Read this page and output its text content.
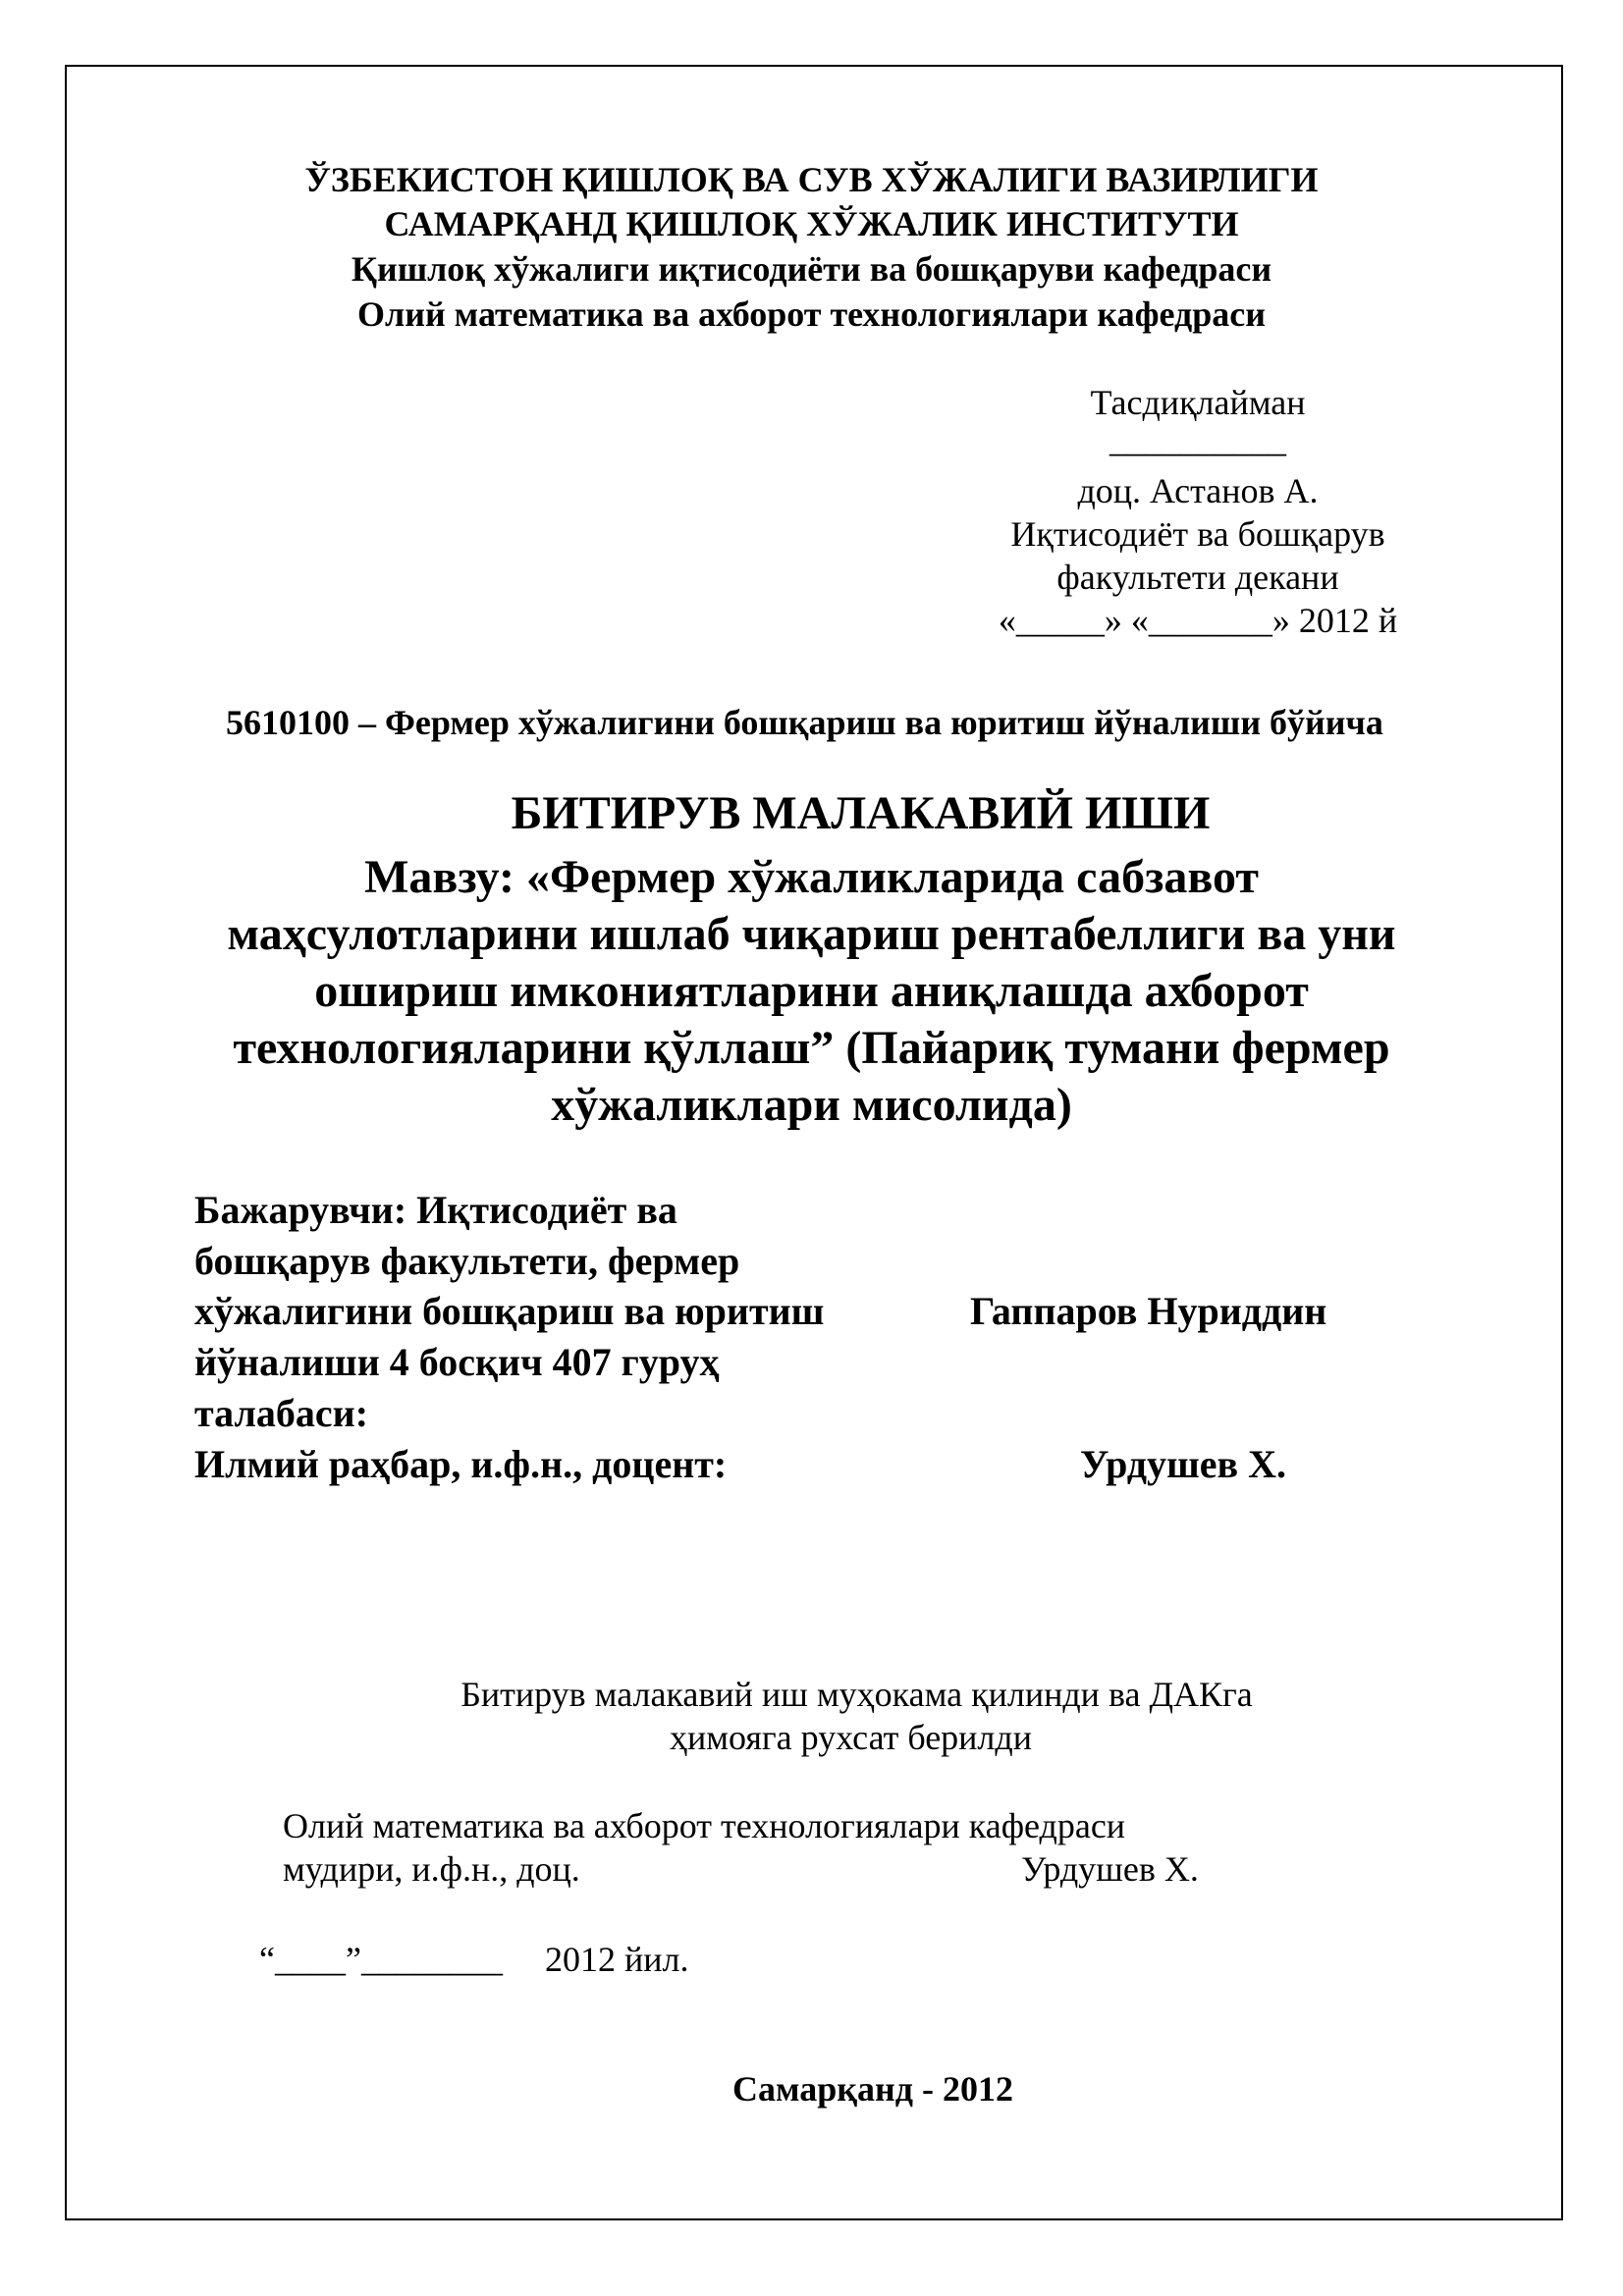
ЎЗБЕКИСТОН ҚИШЛОҚ ВА СУВ ХЎЖАЛИГИ ВАЗИРЛИГИ
САМАРҚАНД ҚИШЛОҚ ХЎЖАЛИК ИНСТИТУТИ
Қишлоқ хўжалиги иқтисодиёти ва бошқаруви кафедраси
Олий математика ва ахборот технологиялари кафедраси
Тасдиқлайман
__________
доц. Астанов А.
Иқтисодиёт ва бошқарув
факультети декани
«_____» «_______» 2012 й
5610100 – Фермер хўжалигини бошқариш ва юритиш йўналиши бўйича
БИТИРУВ МАЛАКАВИЙ ИШИ
Мавзу: «Фермер хўжаликларида сабзавот
маҳсулотларини ишлаб чиқариш рентабеллиги ва уни
ошириш имкониятларини аниқлашда ахборот
технологияларини қўллаш” (Пайариқ тумани фермер
хўжаликлари мисолида)
Бажарувчи: Иқтисодиёт ва
бошқарув факультети, фермер
хўжалигини бошқариш ва юритиш
йўналиши 4 босқич 407 гуруҳ
талабаси:
Гаппаров Нуриддин
Илмий раҳбар, и.ф.н., доцент:	Урдушев Х.
Битирув малакавий иш муҳокама қилинди ва ДАКга
ҳимояга рухсат берилди
Олий математика ва ахборот технологиялари кафедраси
мудири, и.ф.н., доц.	Урдушев Х.
“____”________ 2012 йил.
Самарқанд - 2012
